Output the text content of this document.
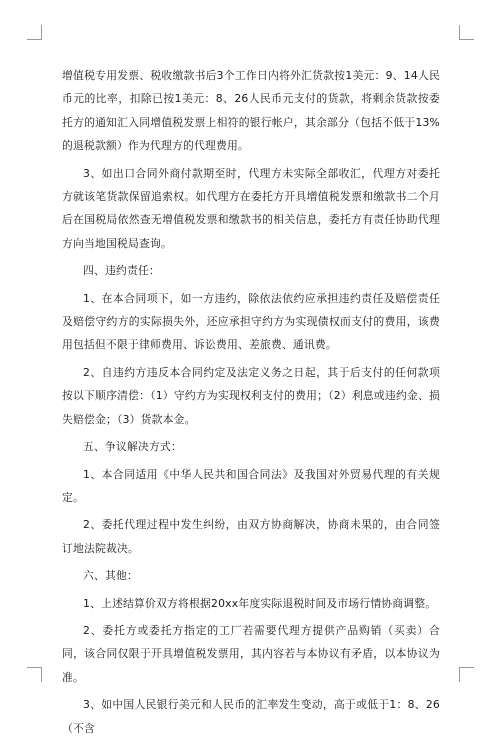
增值税专用发票、税收缴款书后3个工作日内将外汇货款按1美元：9、14人民币元的比率，扣除已按1美元：8、26人民币元支付的货款，将剩余货款按委托方的通知汇入同增值税发票上相符的银行帐户，其余部分（包括不低于13%的退税款额）作为代理方的代理费用。

3、如出口合同外商付款期至时，代理方未实际全部收汇，代理方对委托方就该笔货款保留追索权。如代理方在委托方开具增值税发票和缴款书二个月后在国税局依然查无增值税发票和缴款书的相关信息，委托方有责任协助代理方向当地国税局查询。

四、违约责任：

1、在本合同项下，如一方违约，除依法依约应承担违约责任及赔偿责任及赔偿守约方的实际损失外，还应承担守约方为实现债权而支付的费用，该费用包括但不限于律师费用、诉讼费用、差旅费、通讯费。

2、自违约方违反本合同约定及法定义务之日起，其于后支付的任何款项按以下顺序清偿：（1）守约方为实现权利支付的费用；（2）利息或违约金、损失赔偿金；（3）货款本金。

五、争议解决方式：

1、本合同适用《中华人民共和国合同法》及我国对外贸易代理的有关规定。

2、委托代理过程中发生纠纷，由双方协商解决，协商未果的，由合同签订地法院裁决。

六、其他：

1、上述结算价双方将根据20xx年度实际退税时间及市场行情协商调整。

2、委托方或委托方指定的工厂若需要代理方提供产品购销（买卖）合同，该合同仅限于开具增值税发票用，其内容若与本协议有矛盾，以本协议为准。

3、如中国人民银行美元和人民币的汇率发生变动，高于或低于1：8、26（不含
